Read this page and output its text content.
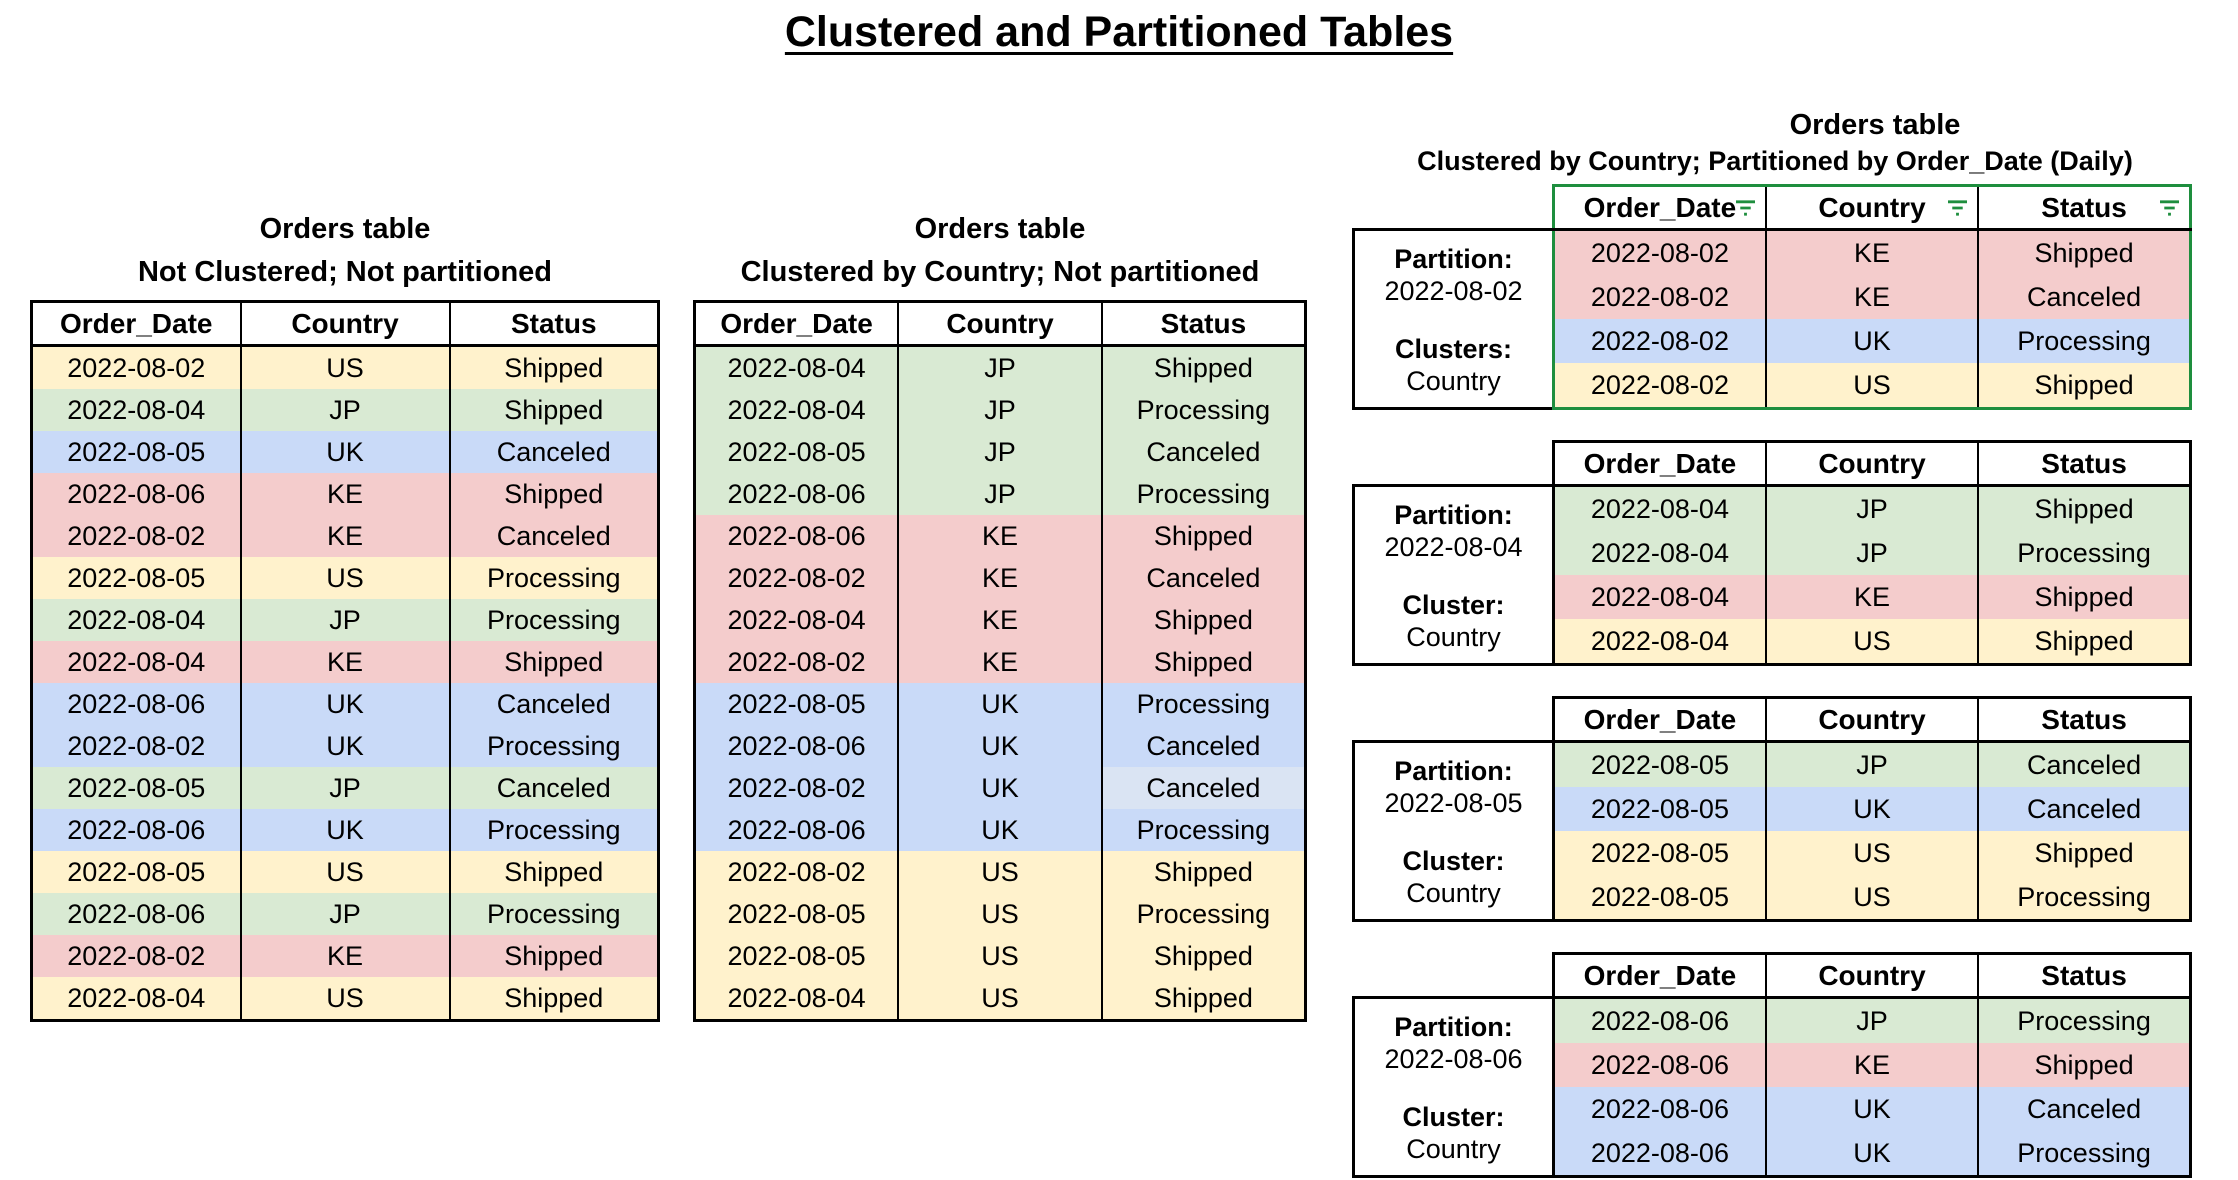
Clustered and Partitioned Tables
Orders table
Not Clustered; Not partitioned
Order_Date	Country	Status
2022-08-02	US	Shipped
2022-08-04	JP	Shipped
2022-08-05	UK	Canceled
2022-08-06	KE	Shipped
2022-08-02	KE	Canceled
2022-08-05	US	Processing
2022-08-04	JP	Processing
2022-08-04	KE	Shipped
2022-08-06	UK	Canceled
2022-08-02	UK	Processing
2022-08-05	JP	Canceled
2022-08-06	UK	Processing
2022-08-05	US	Shipped
2022-08-06	JP	Processing
2022-08-02	KE	Shipped
2022-08-04	US	Shipped
Orders table
Clustered by Country; Not partitioned
Order_Date	Country	Status
2022-08-04	JP	Shipped
2022-08-04	JP	Processing
2022-08-05	JP	Canceled
2022-08-06	JP	Processing
2022-08-06	KE	Shipped
2022-08-02	KE	Canceled
2022-08-04	KE	Shipped
2022-08-02	KE	Shipped
2022-08-05	UK	Processing
2022-08-06	UK	Canceled
2022-08-02	UK	Canceled
2022-08-06	UK	Processing
2022-08-02	US	Shipped
2022-08-05	US	Processing
2022-08-05	US	Shipped
2022-08-04	US	Shipped
Orders table
Clustered by Country; Partitioned by Order_Date (Daily)
Partition:
2022-08-02
Clusters:
Country
Order_Date	Country	Status

2022-08-02	KE	Shipped
2022-08-02	KE	Canceled
2022-08-02	UK	Processing
2022-08-02	US	Shipped
Partition:
2022-08-04
Cluster:
Country
Order_Date	Country	Status
2022-08-04	JP	Shipped
2022-08-04	JP	Processing
2022-08-04	KE	Shipped
2022-08-04	US	Shipped
Partition:
2022-08-05
Cluster:
Country
Order_Date	Country	Status
2022-08-05	JP	Canceled
2022-08-05	UK	Canceled
2022-08-05	US	Shipped
2022-08-05	US	Processing
Partition:
2022-08-06
Cluster:
Country
Order_Date	Country	Status
2022-08-06	JP	Processing
2022-08-06	KE	Shipped
2022-08-06	UK	Canceled
2022-08-06	UK	Processing
